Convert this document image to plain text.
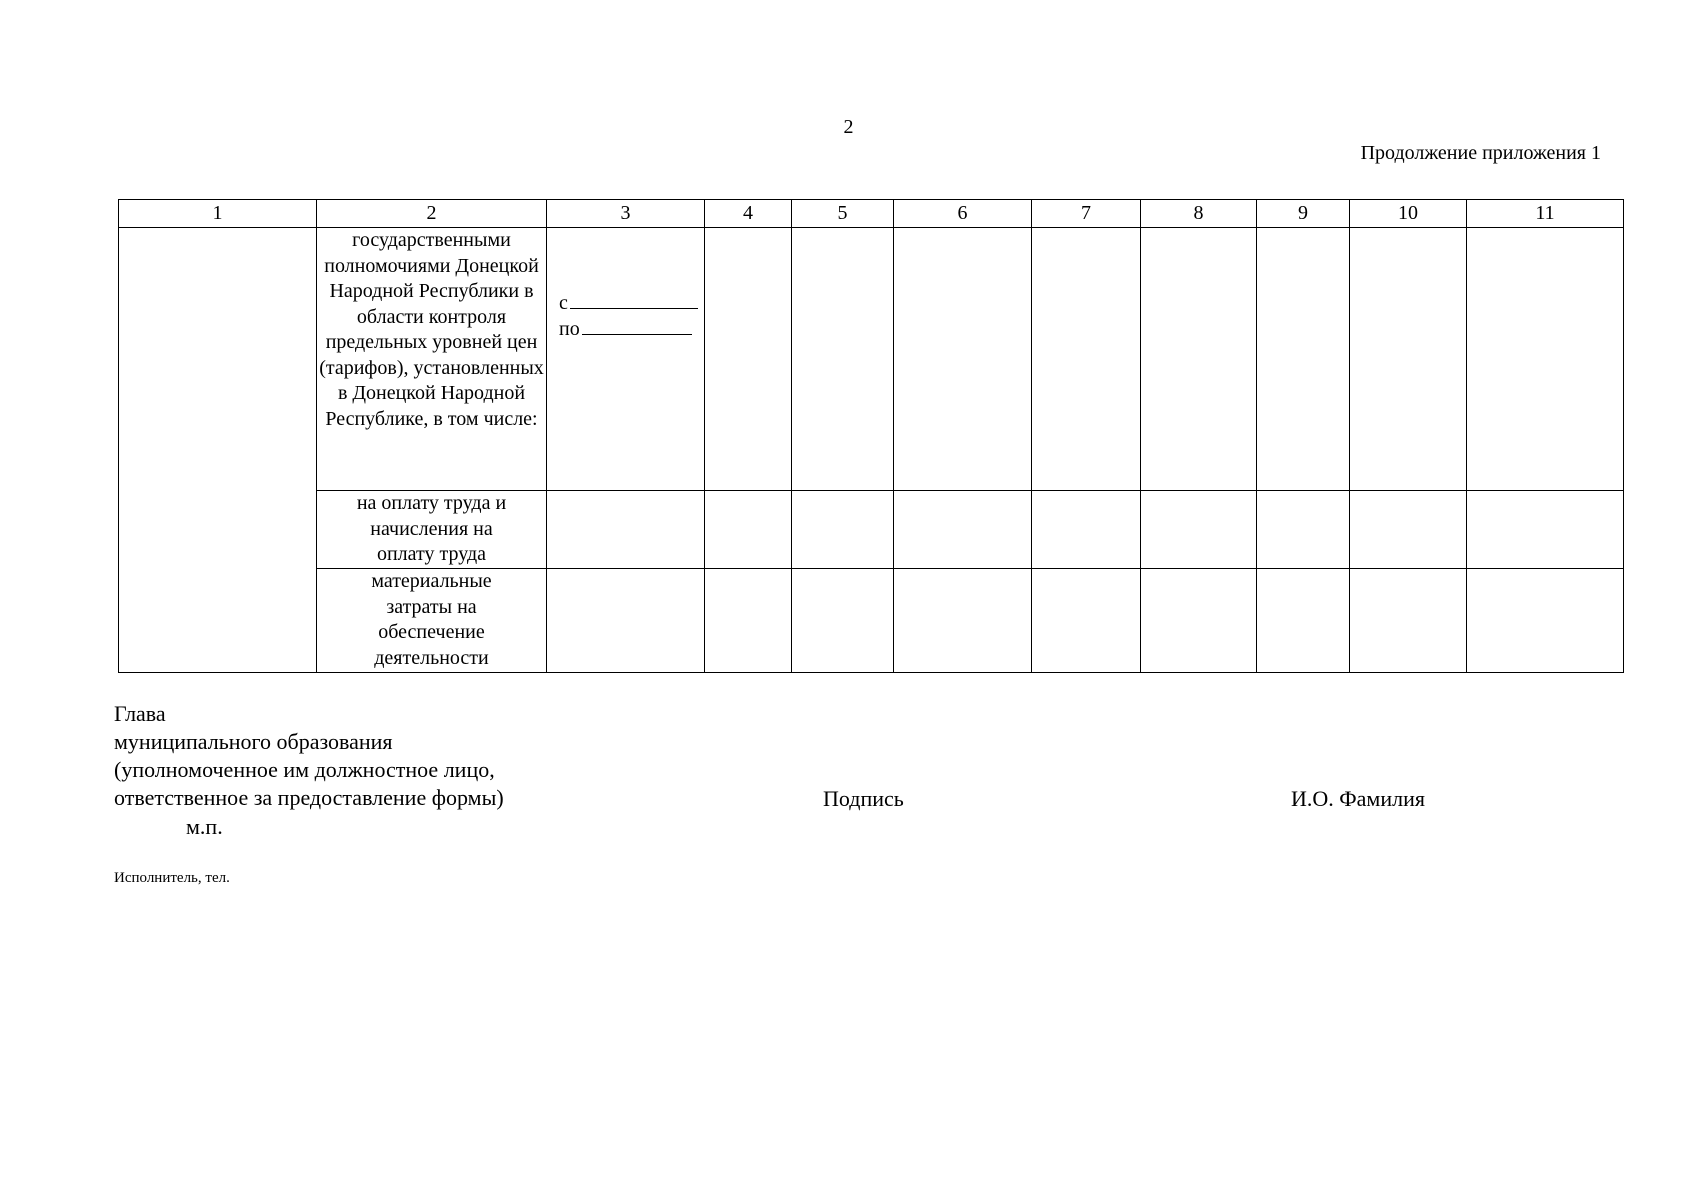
2
Продолжение приложения 1
1	2	3	4	5	6	7	8	9	10	11
	государственными полномочиями Донецкой Народной Республики в области контроля предельных уровней цен (тарифов), установленных в Донецкой Народной Республике, в том числе:	с
по								

	на оплату труда и начисления на оплату труда									
	материальные затраты на обеспечение деятельности									
Глава
муниципального образования
(уполномоченное им должностное лицо,
ответственное за предоставление формы)
м.п.
Подпись	И.О. Фамилия
Исполнитель, тел.
